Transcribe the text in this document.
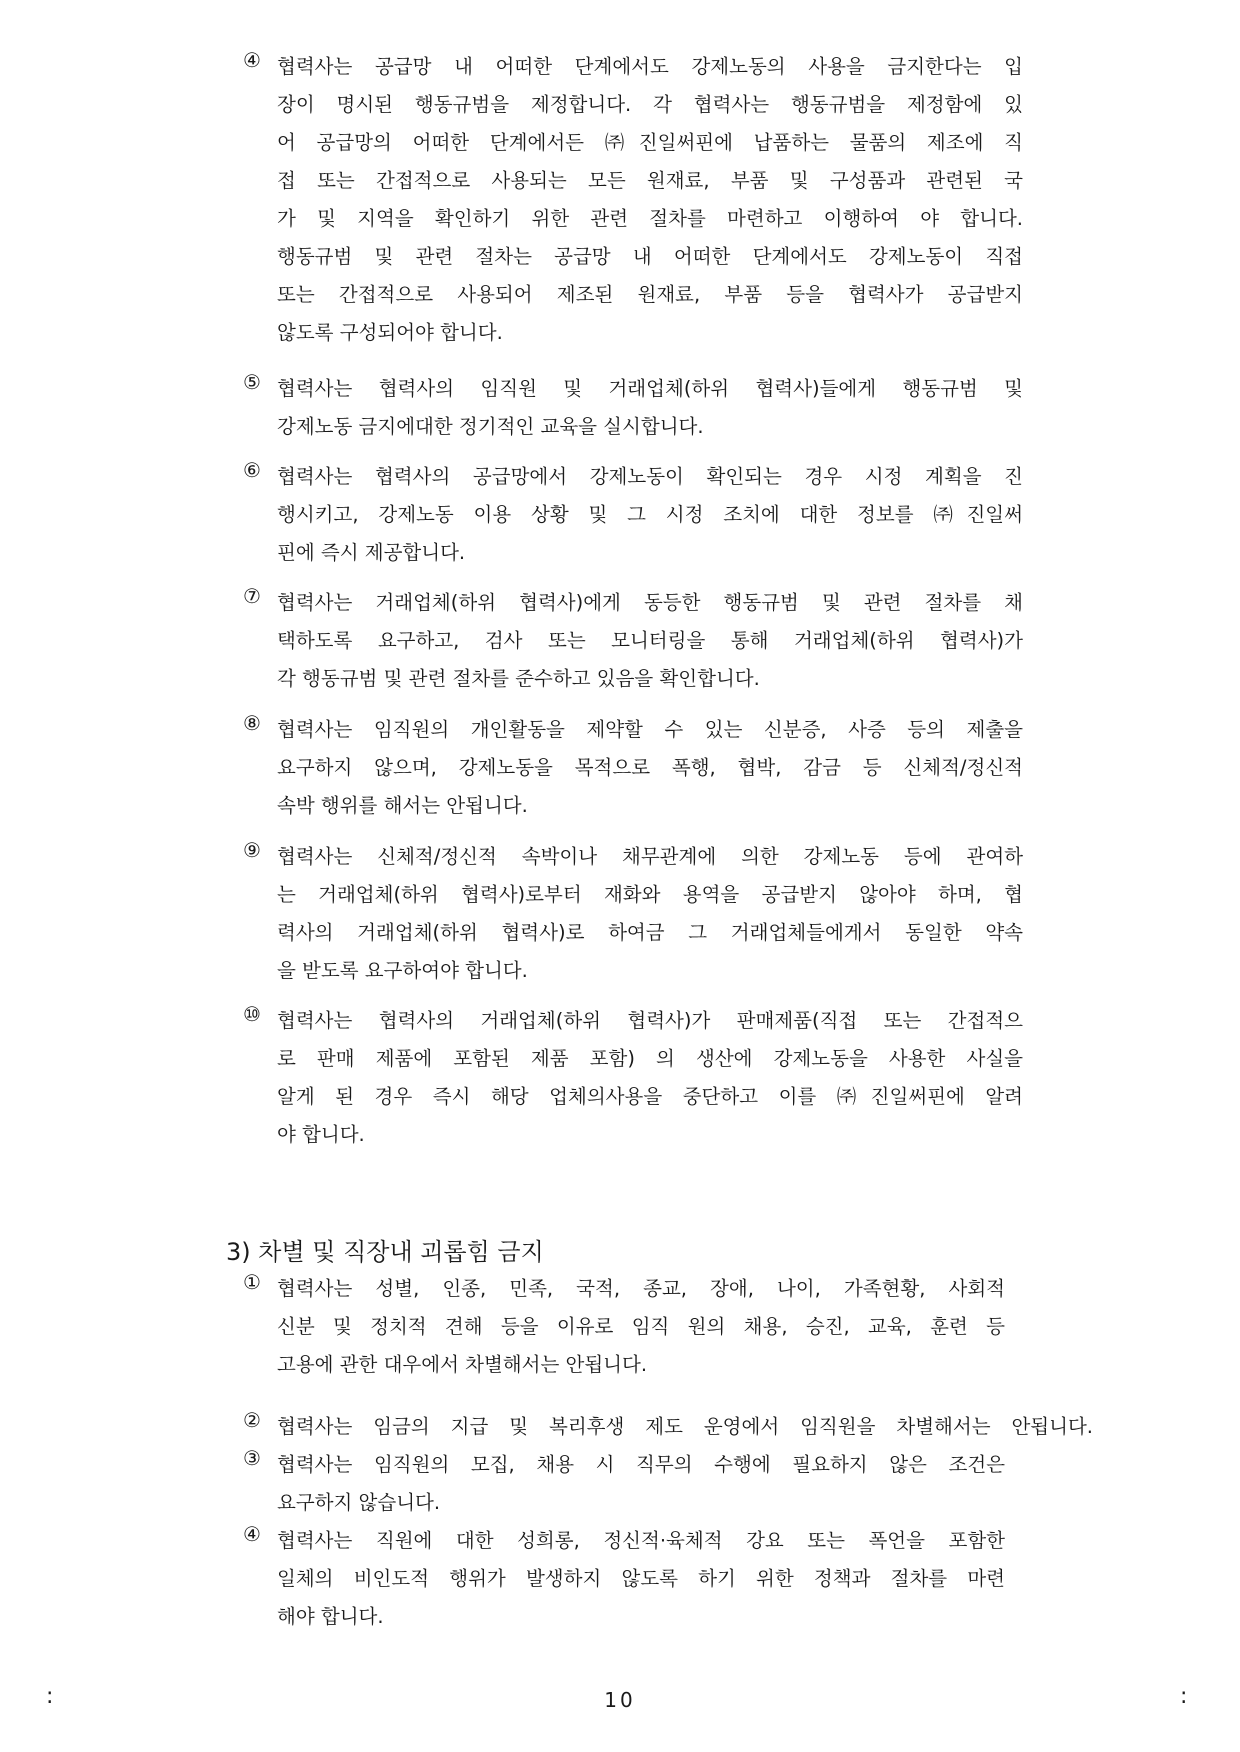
④ 협력사는 공급망 내 어떠한 단계에서도 강제노동의 사용을 금지한다는 입
장이 명시된 행동규범을 제정합니다. 각 협력사는 행동규범을 제정함에 있
어 공급망의 어떠한 단계에서든 ㈜진일써핀에 납품하는 물품의 제조에 직
접 또는 간접적으로 사용되는 모든 원재료, 부품 및 구성품과 관련된 국
가 및 지역을 확인하기 위한 관련 절차를 마련하고 이행하여 야 합니다.
행동규범 및 관련 절차는 공급망 내 어떠한 단계에서도 강제노동이 직접
또는 간접적으로 사용되어 제조된 원재료, 부품 등을 협력사가 공급받지
않도록 구성되어야 합니다.
⑤ 협력사는 협력사의 임직원 및 거래업체(하위 협력사)들에게 행동규범 및
강제노동 금지에대한 정기적인 교육을 실시합니다.
⑥ 협력사는 협력사의 공급망에서 강제노동이 확인되는 경우 시정 계획을 진
행시키고, 강제노동 이용 상황 및 그 시정 조치에 대한 정보를 ㈜진일써
핀에 즉시 제공합니다.
⑦ 협력사는 거래업체(하위 협력사)에게 동등한 행동규범 및 관련 절차를 채
택하도록 요구하고, 검사 또는 모니터링을 통해 거래업체(하위 협력사)가
각 행동규범 및 관련 절차를 준수하고 있음을 확인합니다.
⑧ 협력사는 임직원의 개인활동을 제약할 수 있는 신분증, 사증 등의 제출을
요구하지 않으며, 강제노동을 목적으로 폭행, 협박, 감금 등 신체적/정신적
속박 행위를 해서는 안됩니다.
⑨ 협력사는 신체적/정신적 속박이나 채무관계에 의한 강제노동 등에 관여하
는 거래업체(하위 협력사)로부터 재화와 용역을 공급받지 않아야 하며, 협
력사의 거래업체(하위 협력사)로 하여금 그 거래업체들에게서 동일한 약속
을 받도록 요구하여야 합니다.
⑩ 협력사는 협력사의 거래업체(하위 협력사)가 판매제품(직접 또는 간접적으
로 판매 제품에 포함된 제품 포함) 의 생산에 강제노동을 사용한 사실을
알게 된 경우 즉시 해당 업체의사용을 중단하고 이를 ㈜진일써핀에 알려
야 합니다.
3) 차별 및 직장내 괴롭힘 금지
① 협력사는 성별, 인종, 민족, 국적, 종교, 장애, 나이, 가족현황, 사회적
신분 및 정치적 견해 등을 이유로 임직 원의 채용, 승진, 교육, 훈련 등
고용에 관한 대우에서 차별해서는 안됩니다.
② 협력사는 임금의 지급 및 복리후생 제도 운영에서 임직원을 차별해서는 안됩니다.
③ 협력사는 임직원의 모집, 채용 시 직무의 수행에 필요하지 않은 조건은
요구하지 않습니다.
④ 협력사는 직원에 대한 성희롱, 정신적·육체적 강요 또는 폭언을 포함한
일체의 비인도적 행위가 발생하지 않도록 하기 위한 정책과 절차를 마련
해야 합니다.
:	10	:
